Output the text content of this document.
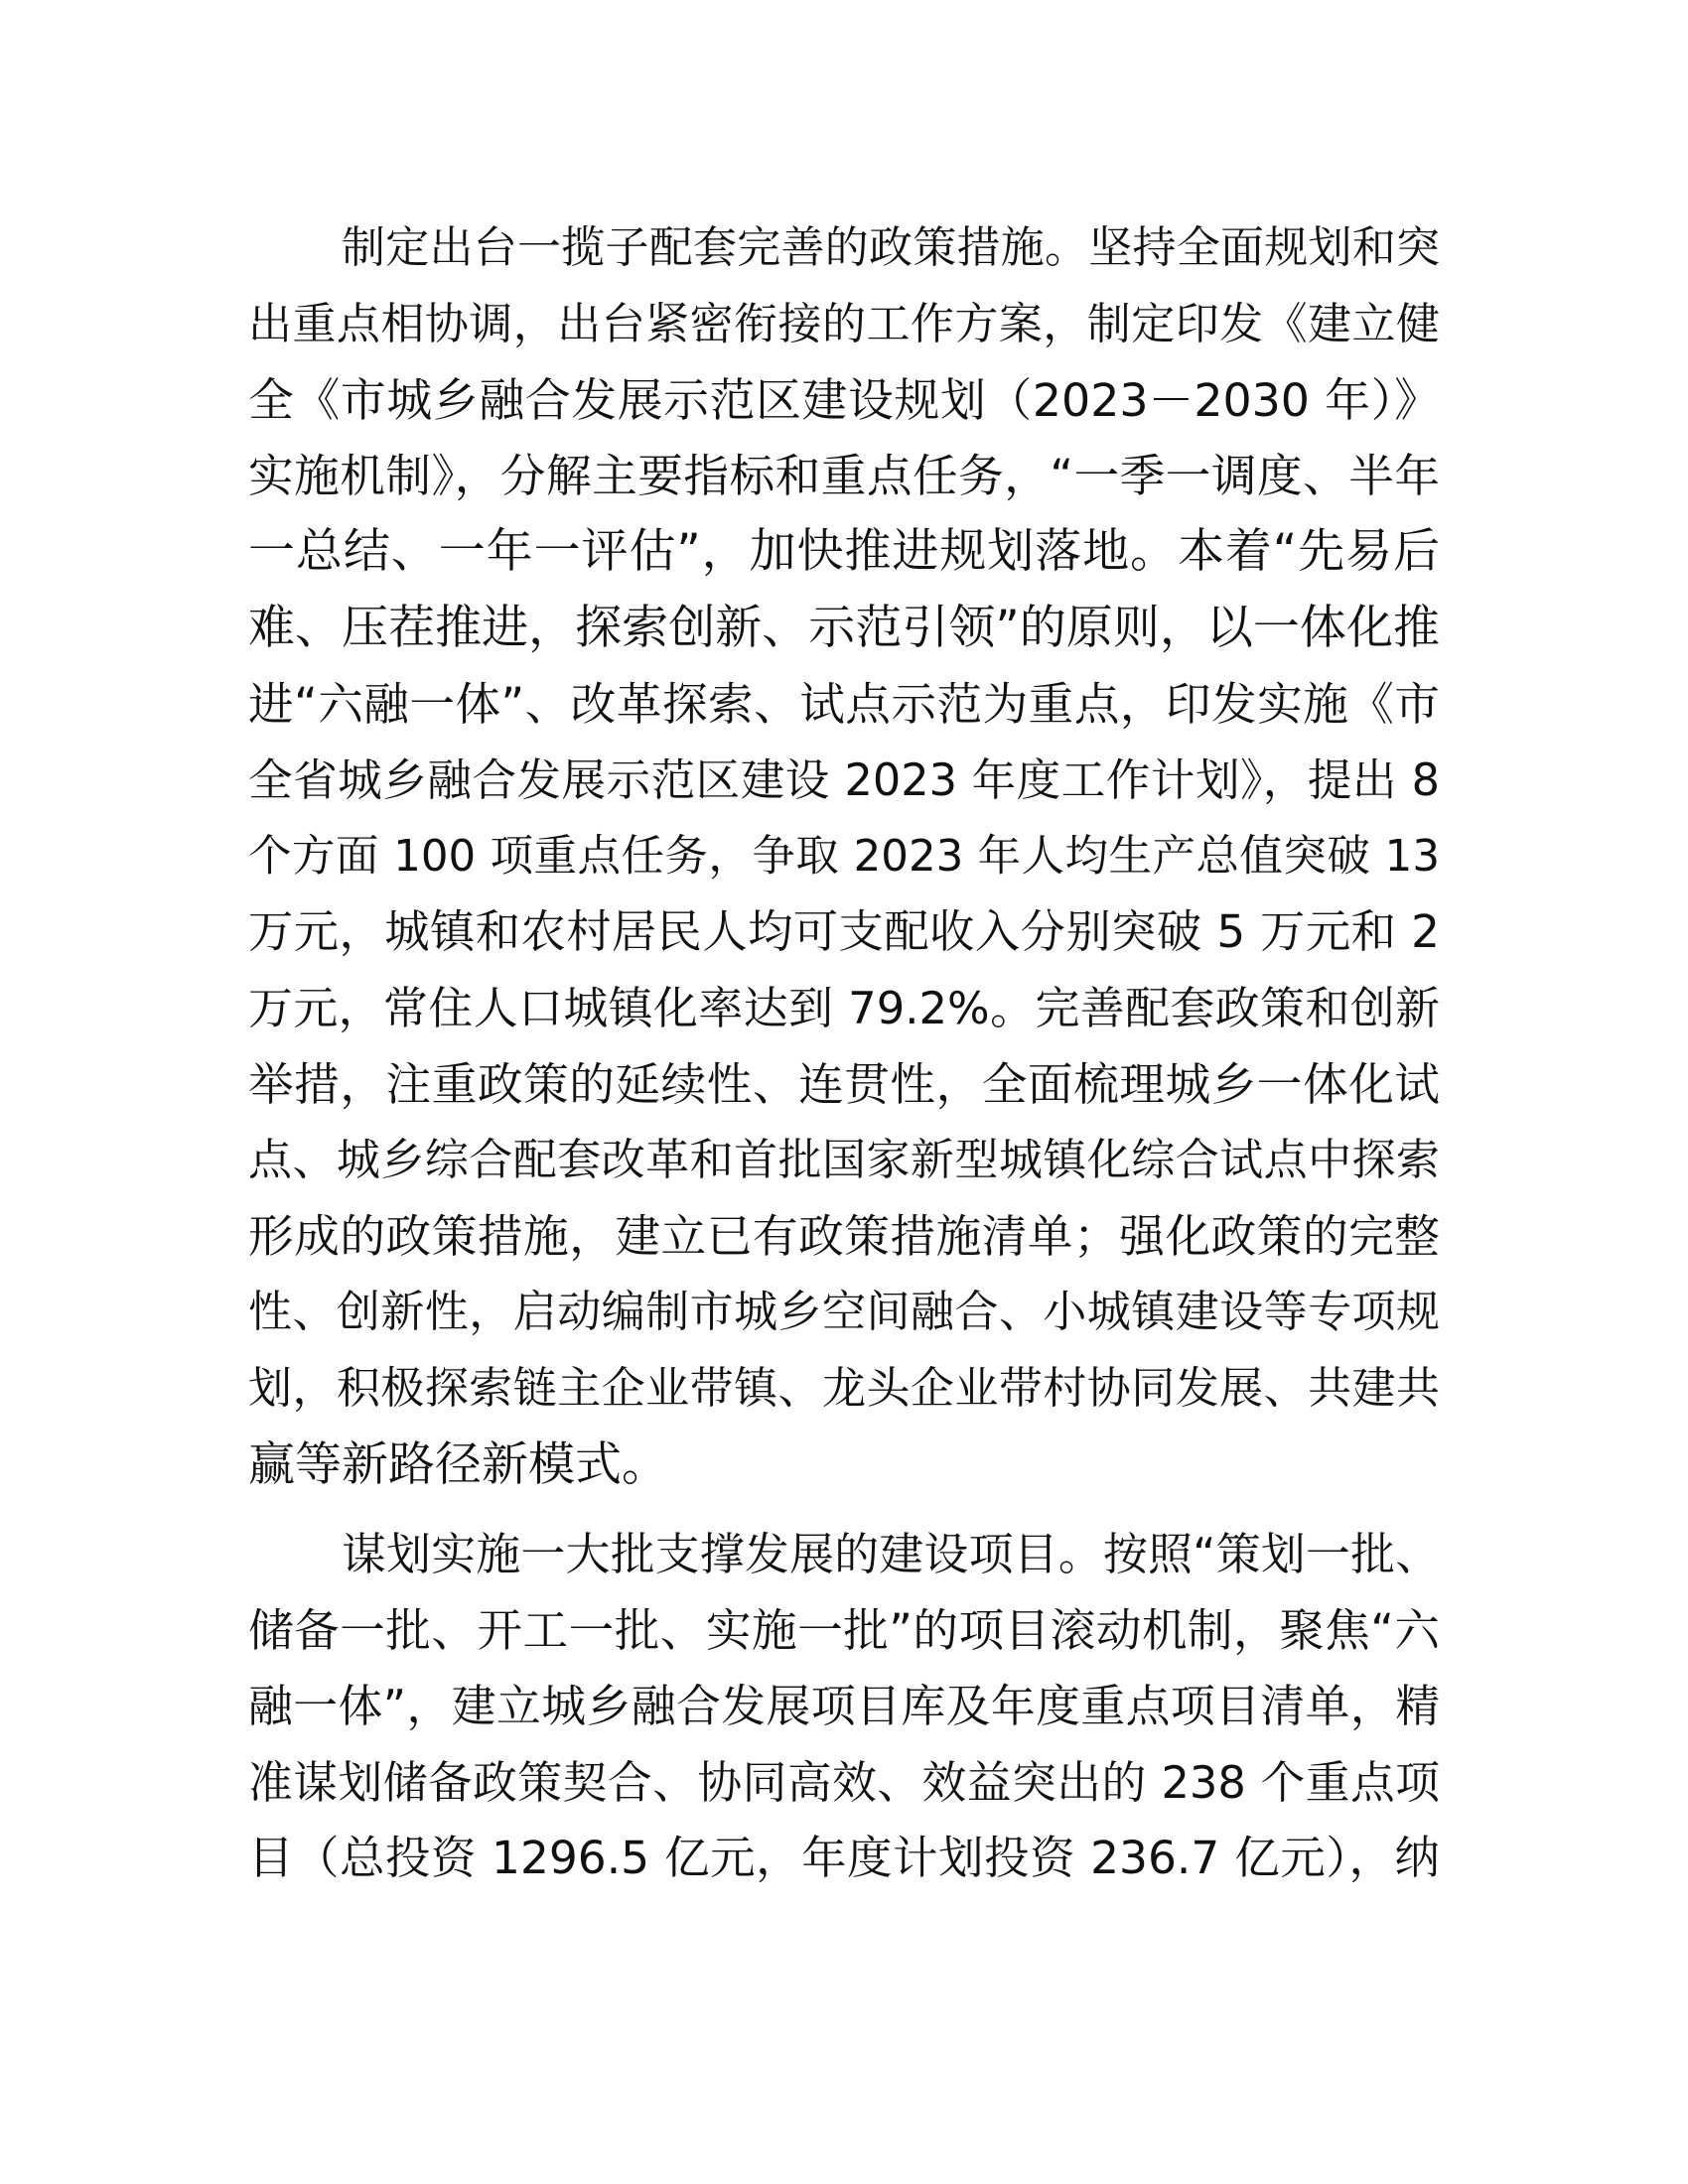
制定出台一揽子配套完善的政策措施。坚持全面规划和突
出重点相协调，出台紧密衔接的工作方案，制定印发《建立健
全《市城乡融合发展示范区建设规划（2023－2030 年）》
实施机制》，分解主要指标和重点任务，“一季一调度、半年
一总结、一年一评估”，加快推进规划落地。本着“先易后
难、压茬推进，探索创新、示范引领”的原则，以一体化推
进“六融一体”、改革探索、试点示范为重点，印发实施《市
全省城乡融合发展示范区建设 2023 年度工作计划》，提出 8
个方面 100 项重点任务，争取 2023 年人均生产总值突破 13
万元，城镇和农村居民人均可支配收入分别突破 5 万元和 2
万元，常住人口城镇化率达到 79.2%。完善配套政策和创新
举措，注重政策的延续性、连贯性，全面梳理城乡一体化试
点、城乡综合配套改革和首批国家新型城镇化综合试点中探索
形成的政策措施，建立已有政策措施清单；强化政策的完整
性、创新性，启动编制市城乡空间融合、小城镇建设等专项规
划，积极探索链主企业带镇、龙头企业带村协同发展、共建共
赢等新路径新模式。
谋划实施一大批支撑发展的建设项目。按照“策划一批、
储备一批、开工一批、实施一批”的项目滚动机制，聚焦“六
融一体”，建立城乡融合发展项目库及年度重点项目清单，精
准谋划储备政策契合、协同高效、效益突出的 238 个重点项
目（总投资 1296.5 亿元，年度计划投资 236.7 亿元），纳
